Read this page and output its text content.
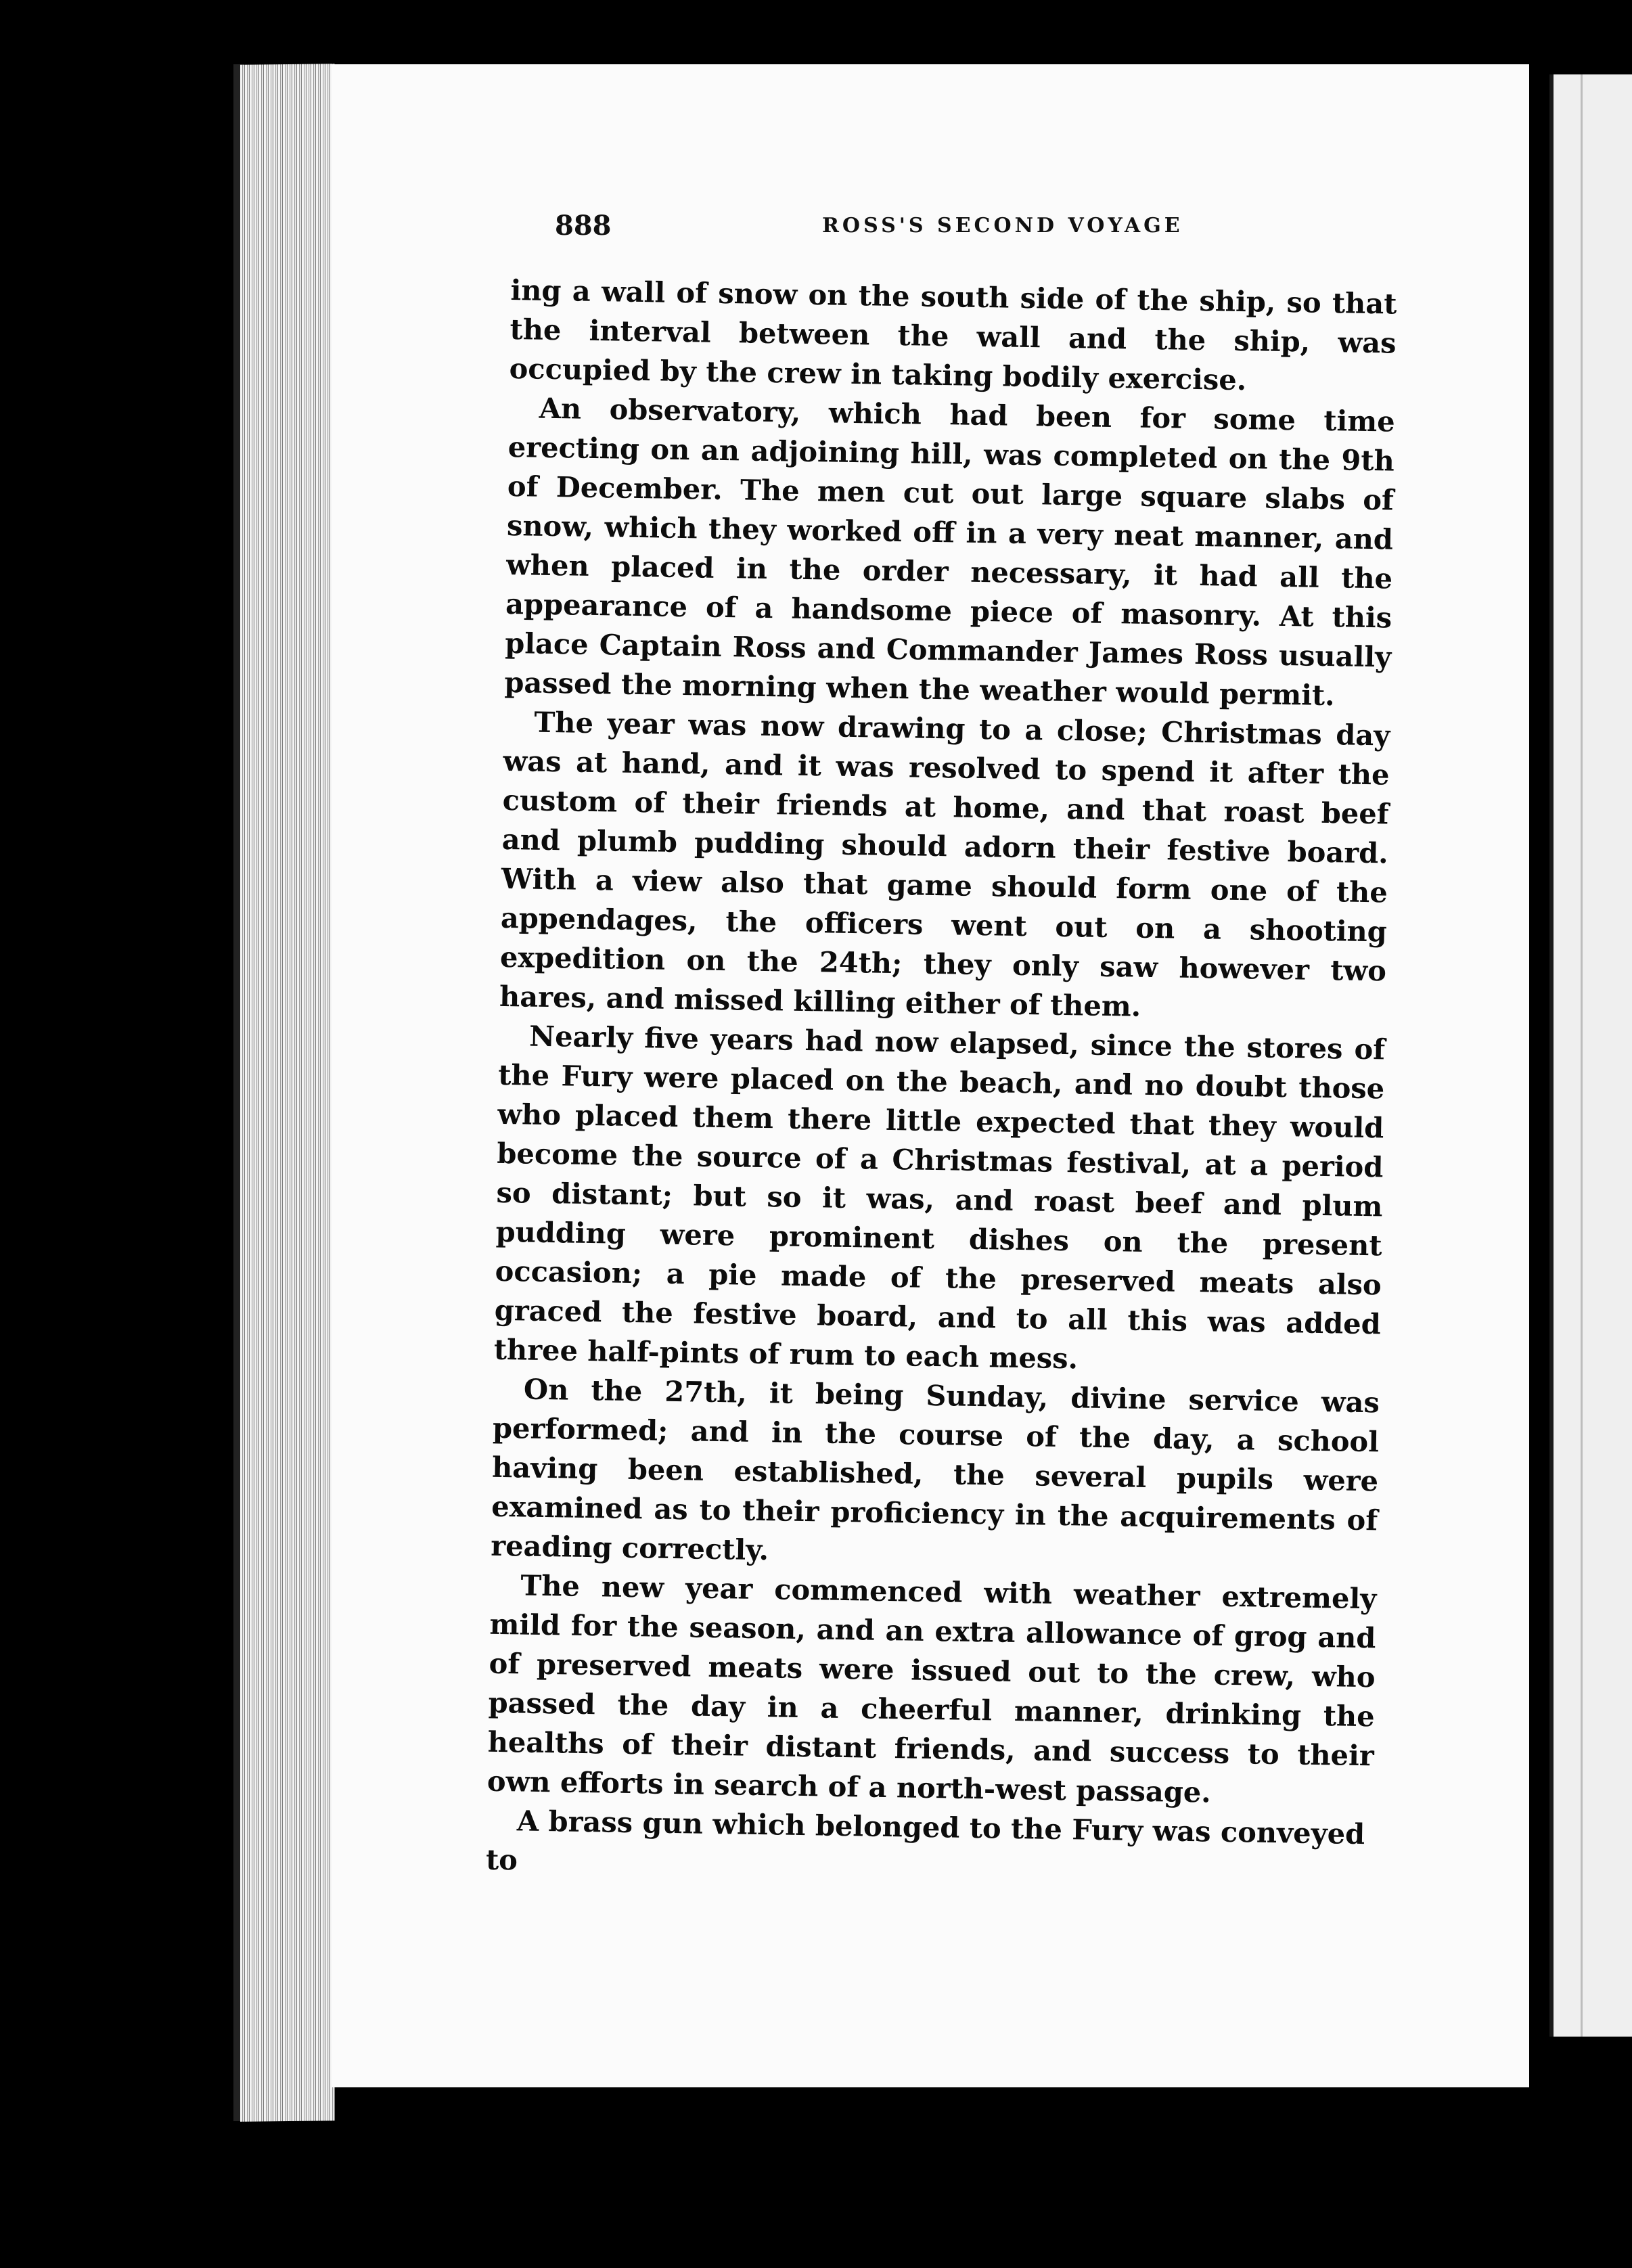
888	ROSS'S SECOND VOYAGE

ing a wall of snow on the south side of the ship, so that the interval between the wall and the ship, was occupied by the crew in taking bodily exercise.

An observatory, which had been for some time erecting on an adjoining hill, was completed on the 9th of December. The men cut out large square slabs of snow, which they worked off in a very neat manner, and when placed in the order necessary, it had all the appearance of a handsome piece of masonry. At this place Captain Ross and Commander James Ross usually passed the morning when the weather would permit.

The year was now drawing to a close; Christmas day was at hand, and it was resolved to spend it after the custom of their friends at home, and that roast beef and plumb pudding should adorn their festive board. With a view also that game should form one of the appendages, the officers went out on a shooting expedition on the 24th; they only saw however two hares, and missed killing either of them.

Nearly five years had now elapsed, since the stores of the Fury were placed on the beach, and no doubt those who placed them there little expected that they would become the source of a Christmas festival, at a period so distant; but so it was, and roast beef and plum pudding were prominent dishes on the present occasion; a pie made of the preserved meats also graced the festive board, and to all this was added three half-pints of rum to each mess.

On the 27th, it being Sunday, divine service was performed; and in the course of the day, a school having been established, the several pupils were examined as to their proficiency in the acquirements of reading correctly.

The new year commenced with weather extremely mild for the season, and an extra allowance of grog and of preserved meats were issued out to the crew, who passed the day in a cheerful manner, drinking the healths of their distant friends, and success to their own efforts in search of a north-west passage.

A brass gun which belonged to the Fury was conveyed to
